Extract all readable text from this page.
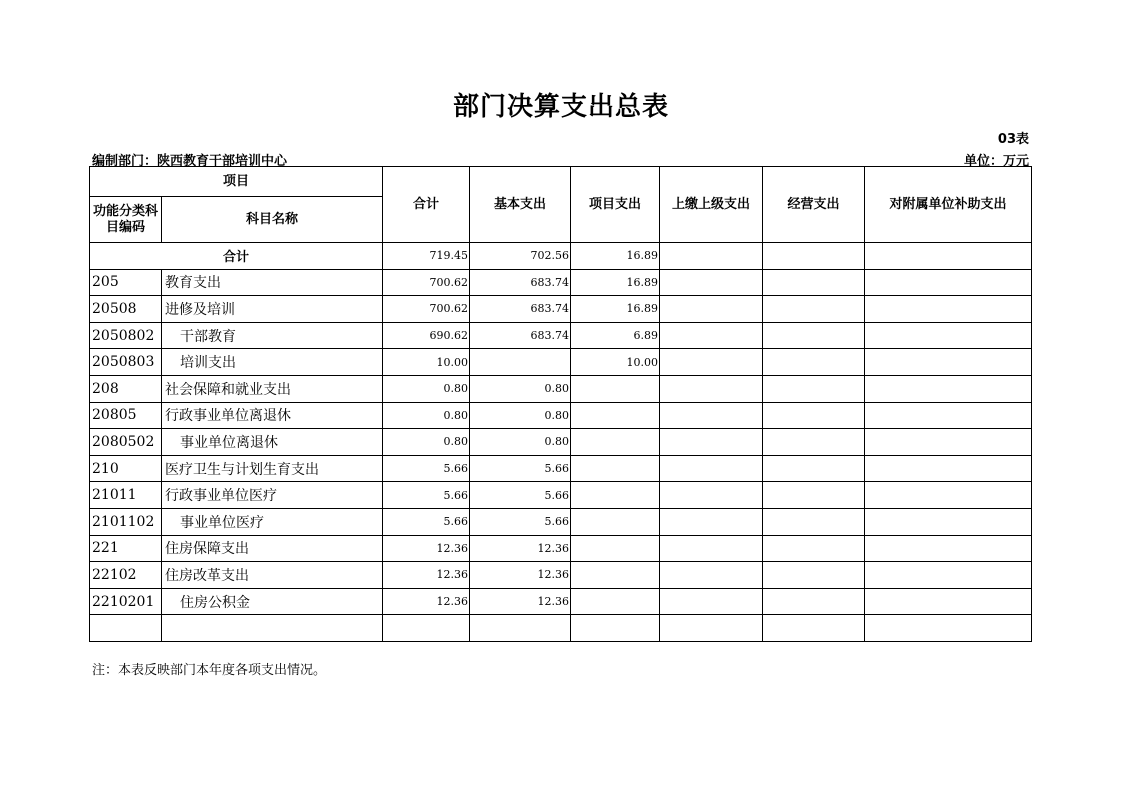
部门决算支出总表
03表
编制部门：陕西教育干部培训中心	单位：万元
项目		合计	基本支出	项目支出	上缴上级支出	经营支出	对附属单位补助支出
功能分类科目编码	科目名称						
合计		719.45	702.56	16.89			
205	教育支出	700.62	683.74	16.89			
20508	进修及培训	700.62	683.74	16.89			
2050802	干部教育	690.62	683.74	6.89			
2050803	培训支出	10.00		10.00			
208	社会保障和就业支出	0.80	0.80				
20805	行政事业单位离退休	0.80	0.80				
2080502	事业单位离退休	0.80	0.80				
210	医疗卫生与计划生育支出	5.66	5.66				
21011	行政事业单位医疗	5.66	5.66				
2101102	事业单位医疗	5.66	5.66				
221	住房保障支出	12.36	12.36				
22102	住房改革支出	12.36	12.36				
2210201	住房公积金	12.36	12.36				

注：本表反映部门本年度各项支出情况。
